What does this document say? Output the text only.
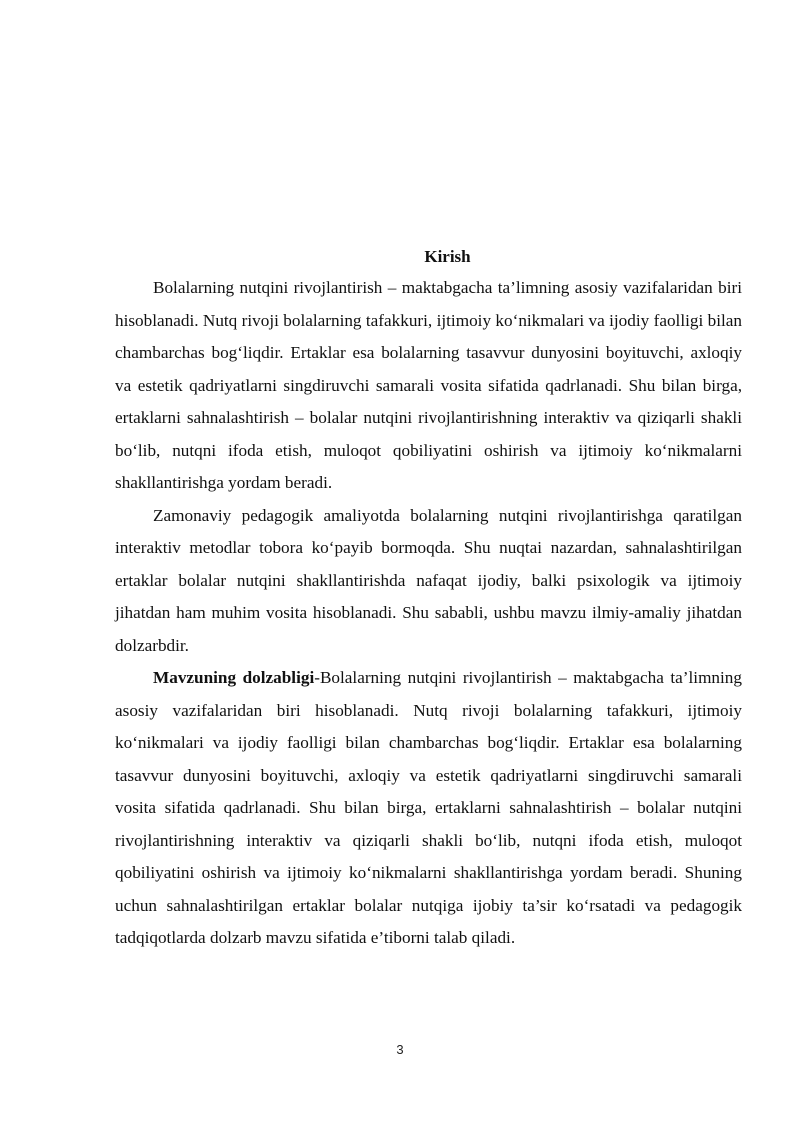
Kirish

Bolalarning nutqini rivojlantirish – maktabgacha ta’limning asosiy vazifalaridan biri hisoblanadi. Nutq rivoji bolalarning tafakkuri, ijtimoiy ko‘nikmalari va ijodiy faolligi bilan chambarchas bog‘liqdir. Ertaklar esa bolalarning tasavvur dunyosini boyituvchi, axloqiy va estetik qadriyatlarni singdiruvchi samarali vosita sifatida qadrlanadi. Shu bilan birga, ertaklarni sahnalashtirish – bolalar nutqini rivojlantirishning interaktiv va qiziqarli shakli bo‘lib, nutqni ifoda etish, muloqot qobiliyatini oshirish va ijtimoiy ko‘nikmalarni shakllantirishga yordam beradi.

Zamonaviy pedagogik amaliyotda bolalarning nutqini rivojlantirishga qaratilgan interaktiv metodlar tobora ko‘payib bormoqda. Shu nuqtai nazardan, sahnalashtirilgan ertaklar bolalar nutqini shakllantirishda nafaqat ijodiy, balki psixologik va ijtimoiy jihatdan ham muhim vosita hisoblanadi. Shu sababli, ushbu mavzu ilmiy-amaliy jihatdan dolzarbdir.

Mavzuning dolzabligi-Bolalarning nutqini rivojlantirish – maktabgacha ta’limning asosiy vazifalaridan biri hisoblanadi. Nutq rivoji bolalarning tafakkuri, ijtimoiy ko‘nikmalari va ijodiy faolligi bilan chambarchas bog‘liqdir. Ertaklar esa bolalarning tasavvur dunyosini boyituvchi, axloqiy va estetik qadriyatlarni singdiruvchi samarali vosita sifatida qadrlanadi. Shu bilan birga, ertaklarni sahnalashtirish – bolalar nutqini rivojlantirishning interaktiv va qiziqarli shakli bo‘lib, nutqni ifoda etish, muloqot qobiliyatini oshirish va ijtimoiy ko‘nikmalarni shakllantirishga yordam beradi. Shuning uchun sahnalashtirilgan ertaklar bolalar nutqiga ijobiy ta’sir ko‘rsatadi va pedagogik tadqiqotlarda dolzarb mavzu sifatida e’tiborni talab qiladi.

3
